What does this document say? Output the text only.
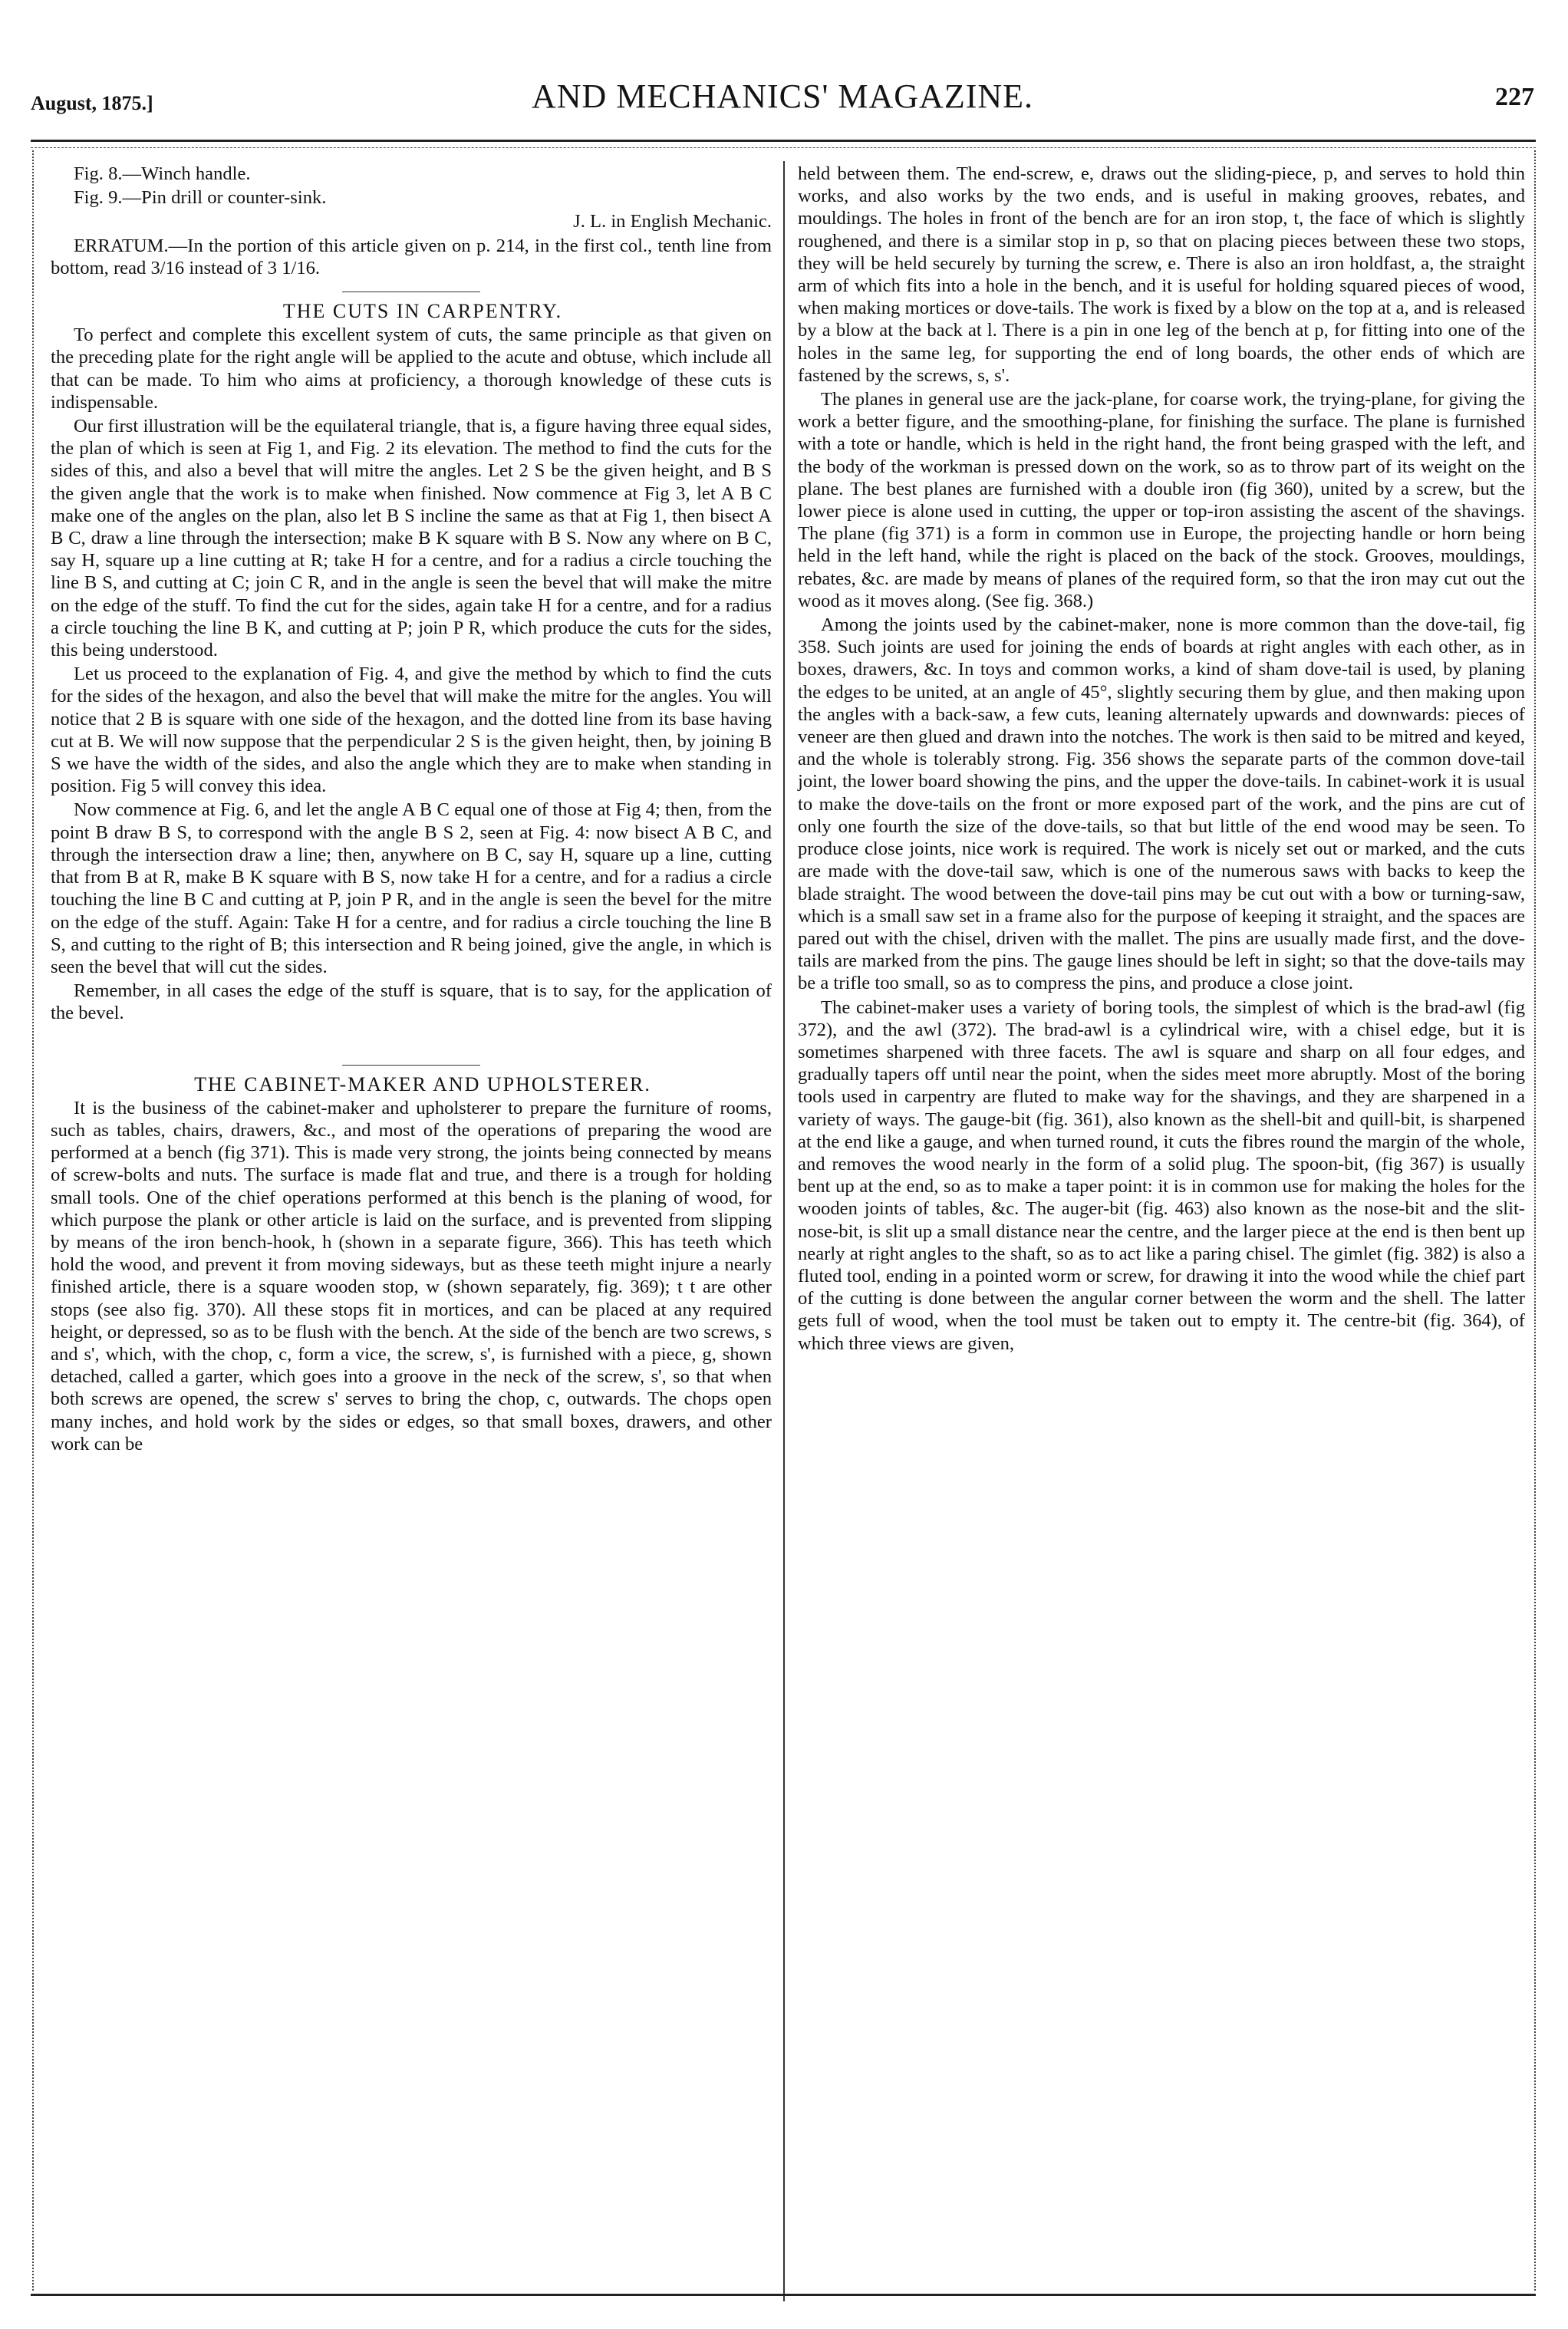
August, 1875.]	AND MECHANICS' MAGAZINE.	227

Fig. 8.—Winch handle.

Fig. 9.—Pin drill or counter-sink.

J. L. in English Mechanic.

ERRATUM.—In the portion of this article given on p. 214, in the first col., tenth line from bottom, read 3/16 instead of 3 1/16.

THE CUTS IN CARPENTRY.

To perfect and complete this excellent system of cuts, the same principle as that given on the preceding plate for the right angle will be applied to the acute and obtuse, which include all that can be made. To him who aims at proficiency, a thorough knowledge of these cuts is indispensable.

Our first illustration will be the equilateral triangle, that is, a figure having three equal sides, the plan of which is seen at Fig 1, and Fig. 2 its elevation. The method to find the cuts for the sides of this, and also a bevel that will mitre the angles. Let 2 S be the given height, and B S the given angle that the work is to make when finished. Now commence at Fig 3, let A B C make one of the angles on the plan, also let B S incline the same as that at Fig 1, then bisect A B C, draw a line through the intersection; make B K square with B S. Now any where on B C, say H, square up a line cutting at R; take H for a centre, and for a radius a circle touching the line B S, and cutting at C; join C R, and in the angle is seen the bevel that will make the mitre on the edge of the stuff. To find the cut for the sides, again take H for a centre, and for a radius a circle touching the line B K, and cutting at P; join P R, which produce the cuts for the sides, this being understood.

Let us proceed to the explanation of Fig. 4, and give the method by which to find the cuts for the sides of the hexagon, and also the bevel that will make the mitre for the angles. You will notice that 2 B is square with one side of the hexagon, and the dotted line from its base having cut at B. We will now suppose that the perpendicular 2 S is the given height, then, by joining B S we have the width of the sides, and also the angle which they are to make when standing in position. Fig 5 will convey this idea.

Now commence at Fig. 6, and let the angle A B C equal one of those at Fig 4; then, from the point B draw B S, to correspond with the angle B S 2, seen at Fig. 4: now bisect A B C, and through the intersection draw a line; then, anywhere on B C, say H, square up a line, cutting that from B at R, make B K square with B S, now take H for a centre, and for a radius a circle touching the line B C and cutting at P, join P R, and in the angle is seen the bevel for the mitre on the edge of the stuff. Again: Take H for a centre, and for radius a circle touching the line B S, and cutting to the right of B; this intersection and R being joined, give the angle, in which is seen the bevel that will cut the sides.

Remember, in all cases the edge of the stuff is square, that is to say, for the application of the bevel.

THE CABINET-MAKER AND UPHOLSTERER.

It is the business of the cabinet-maker and upholsterer to prepare the furniture of rooms, such as tables, chairs, drawers, &c., and most of the operations of preparing the wood are performed at a bench (fig 371). This is made very strong, the joints being connected by means of screw-bolts and nuts. The surface is made flat and true, and there is a trough for holding small tools. One of the chief operations performed at this bench is the planing of wood, for which purpose the plank or other article is laid on the surface, and is prevented from slipping by means of the iron bench-hook, h (shown in a separate figure, 366). This has teeth which hold the wood, and prevent it from moving sideways, but as these teeth might injure a nearly finished article, there is a square wooden stop, w (shown separately, fig. 369); t t are other stops (see also fig. 370). All these stops fit in mortices, and can be placed at any required height, or depressed, so as to be flush with the bench. At the side of the bench are two screws, s and s', which, with the chop, c, form a vice, the screw, s', is furnished with a piece, g, shown detached, called a garter, which goes into a groove in the neck of the screw, s', so that when both screws are opened, the screw s' serves to bring the chop, c, outwards. The chops open many inches, and hold work by the sides or edges, so that small boxes, drawers, and other work can be

held between them. The end-screw, e, draws out the sliding-piece, p, and serves to hold thin works, and also works by the two ends, and is useful in making grooves, rebates, and mouldings. The holes in front of the bench are for an iron stop, t, the face of which is slightly roughened, and there is a similar stop in p, so that on placing pieces between these two stops, they will be held securely by turning the screw, e. There is also an iron holdfast, a, the straight arm of which fits into a hole in the bench, and it is useful for holding squared pieces of wood, when making mortices or dove-tails. The work is fixed by a blow on the top at a, and is released by a blow at the back at l. There is a pin in one leg of the bench at p, for fitting into one of the holes in the same leg, for supporting the end of long boards, the other ends of which are fastened by the screws, s, s'.

The planes in general use are the jack-plane, for coarse work, the trying-plane, for giving the work a better figure, and the smoothing-plane, for finishing the surface. The plane is furnished with a tote or handle, which is held in the right hand, the front being grasped with the left, and the body of the workman is pressed down on the work, so as to throw part of its weight on the plane. The best planes are furnished with a double iron (fig 360), united by a screw, but the lower piece is alone used in cutting, the upper or top-iron assisting the ascent of the shavings. The plane (fig 371) is a form in common use in Europe, the projecting handle or horn being held in the left hand, while the right is placed on the back of the stock. Grooves, mouldings, rebates, &c. are made by means of planes of the required form, so that the iron may cut out the wood as it moves along. (See fig. 368.)

Among the joints used by the cabinet-maker, none is more common than the dove-tail, fig 358. Such joints are used for joining the ends of boards at right angles with each other, as in boxes, drawers, &c. In toys and common works, a kind of sham dove-tail is used, by planing the edges to be united, at an angle of 45°, slightly securing them by glue, and then making upon the angles with a back-saw, a few cuts, leaning alternately upwards and downwards: pieces of veneer are then glued and drawn into the notches. The work is then said to be mitred and keyed, and the whole is tolerably strong. Fig. 356 shows the separate parts of the common dove-tail joint, the lower board showing the pins, and the upper the dove-tails. In cabinet-work it is usual to make the dove-tails on the front or more exposed part of the work, and the pins are cut of only one fourth the size of the dove-tails, so that but little of the end wood may be seen. To produce close joints, nice work is required. The work is nicely set out or marked, and the cuts are made with the dove-tail saw, which is one of the numerous saws with backs to keep the blade straight. The wood between the dove-tail pins may be cut out with a bow or turning-saw, which is a small saw set in a frame also for the purpose of keeping it straight, and the spaces are pared out with the chisel, driven with the mallet. The pins are usually made first, and the dove-tails are marked from the pins. The gauge lines should be left in sight; so that the dove-tails may be a trifle too small, so as to compress the pins, and produce a close joint.

The cabinet-maker uses a variety of boring tools, the simplest of which is the brad-awl (fig 372), and the awl (372). The brad-awl is a cylindrical wire, with a chisel edge, but it is sometimes sharpened with three facets. The awl is square and sharp on all four edges, and gradually tapers off until near the point, when the sides meet more abruptly. Most of the boring tools used in carpentry are fluted to make way for the shavings, and they are sharpened in a variety of ways. The gauge-bit (fig. 361), also known as the shell-bit and quill-bit, is sharpened at the end like a gauge, and when turned round, it cuts the fibres round the margin of the whole, and removes the wood nearly in the form of a solid plug. The spoon-bit, (fig 367) is usually bent up at the end, so as to make a taper point: it is in common use for making the holes for the wooden joints of tables, &c. The auger-bit (fig. 463) also known as the nose-bit and the slit-nose-bit, is slit up a small distance near the centre, and the larger piece at the end is then bent up nearly at right angles to the shaft, so as to act like a paring chisel. The gimlet (fig. 382) is also a fluted tool, ending in a pointed worm or screw, for drawing it into the wood while the chief part of the cutting is done between the angular corner between the worm and the shell. The latter gets full of wood, when the tool must be taken out to empty it. The centre-bit (fig. 364), of which three views are given,
